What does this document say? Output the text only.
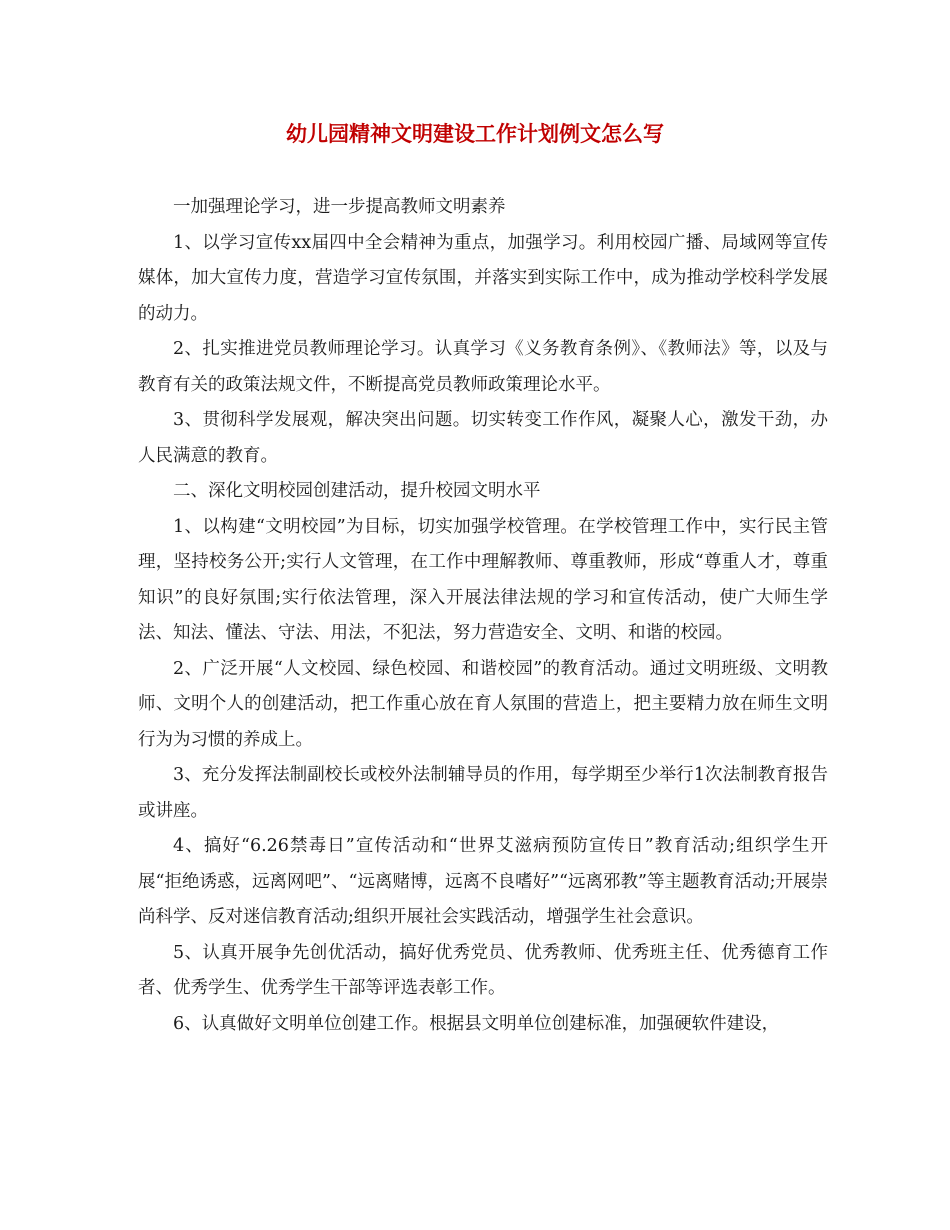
幼儿园精神文明建设工作计划例文怎么写

一加强理论学习，进一步提高教师文明素养

1、以学习宣传xx届四中全会精神为重点，加强学习。利用校园广播、局域网等宣传媒体，加大宣传力度，营造学习宣传氛围，并落实到实际工作中，成为推动学校科学发展的动力。

2、扎实推进党员教师理论学习。认真学习《义务教育条例》、《教师法》等，以及与教育有关的政策法规文件，不断提高党员教师政策理论水平。

3、贯彻科学发展观，解决突出问题。切实转变工作作风，凝聚人心，激发干劲，办人民满意的教育。

二、深化文明校园创建活动，提升校园文明水平

1、以构建“文明校园”为目标，切实加强学校管理。在学校管理工作中，实行民主管理，坚持校务公开;实行人文管理，在工作中理解教师、尊重教师，形成“尊重人才，尊重知识”的良好氛围;实行依法管理，深入开展法律法规的学习和宣传活动，使广大师生学法、知法、懂法、守法、用法，不犯法，努力营造安全、文明、和谐的校园。

2、广泛开展“人文校园、绿色校园、和谐校园”的教育活动。通过文明班级、文明教师、文明个人的创建活动，把工作重心放在育人氛围的营造上，把主要精力放在师生文明行为为习惯的养成上。

3、充分发挥法制副校长或校外法制辅导员的作用，每学期至少举行1次法制教育报告或讲座。

4、搞好“6.26禁毒日”宣传活动和“世界艾滋病预防宣传日”教育活动;组织学生开展“拒绝诱惑，远离网吧”、“远离赌博，远离不良嗜好”“远离邪教”等主题教育活动;开展崇尚科学、反对迷信教育活动;组织开展社会实践活动，增强学生社会意识。

5、认真开展争先创优活动，搞好优秀党员、优秀教师、优秀班主任、优秀德育工作者、优秀学生、优秀学生干部等评选表彰工作。

6、认真做好文明单位创建工作。根据县文明单位创建标准，加强硬软件建设，
